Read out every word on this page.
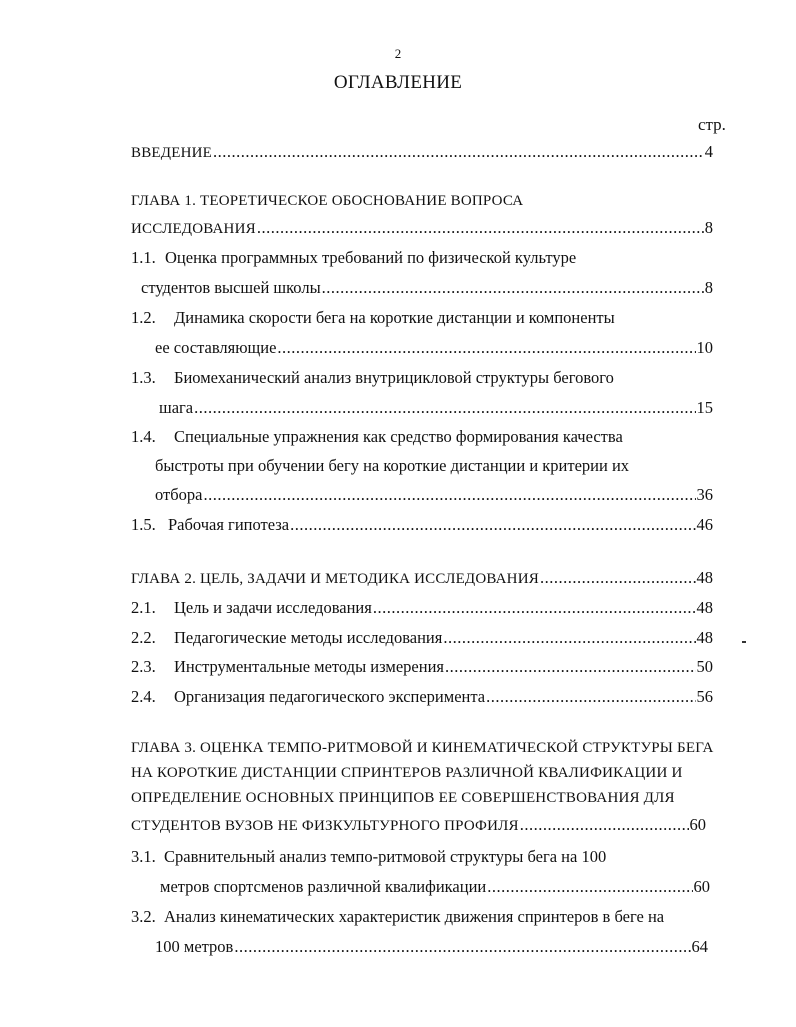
2
ОГЛАВЛЕНИЕ
стр.
ВВЕДЕНИЕ .....	4
ГЛАВА 1. ТЕОРЕТИЧЕСКОЕ ОБОСНОВАНИЕ ВОПРОСА
ИССЛЕДОВАНИЯ .....	8
1.1. Оценка программных требований по физической культуре
студентов высшей школы .....	8
1.2. Динамика скорости бега на короткие дистанции и компоненты
ее составляющие .....	10
1.3. Биомеханический анализ внутрициклoвой структуры бегового
шага .....	15
1.4. Специальные упражнения как средство формирования качества
быстроты при обучении бегу на короткие дистанции и критерии их
отбора .....	36
1.5. Рабочая гипотеза .....	46
ГЛАВА 2. ЦЕЛЬ, ЗАДАЧИ И МЕТОДИКА ИССЛЕДОВАНИЯ .....	48
2.1. Цель и задачи исследования .....	48
2.2. Педагогические методы исследования .....	48
2.3. Инструментальные методы измерения .....	50
2.4. Организация педагогического эксперимента .....	56
ГЛАВА 3. ОЦЕНКА ТЕМПО-РИТМОВОЙ И КИНЕМАТИЧЕСКОЙ СТРУКТУРЫ БЕГА
НА КОРОТКИЕ ДИСТАНЦИИ СПРИНТЕРОВ РАЗЛИЧНОЙ КВАЛИФИКАЦИИ И
ОПРЕДЕЛЕНИЕ ОСНОВНЫХ ПРИНЦИПОВ ЕЕ СОВЕРШЕНСТВОВАНИЯ ДЛЯ
СТУДЕНТОВ ВУЗОВ НЕ ФИЗКУЛЬТУРНОГО ПРОФИЛЯ .....	60
3.1. Сравнительный анализ темпо-ритмовой структуры бега на 100
метров спортсменов различной квалификации .....	60
3.2. Анализ кинематических характеристик движения спринтеров в беге на
100 метров .....	64
